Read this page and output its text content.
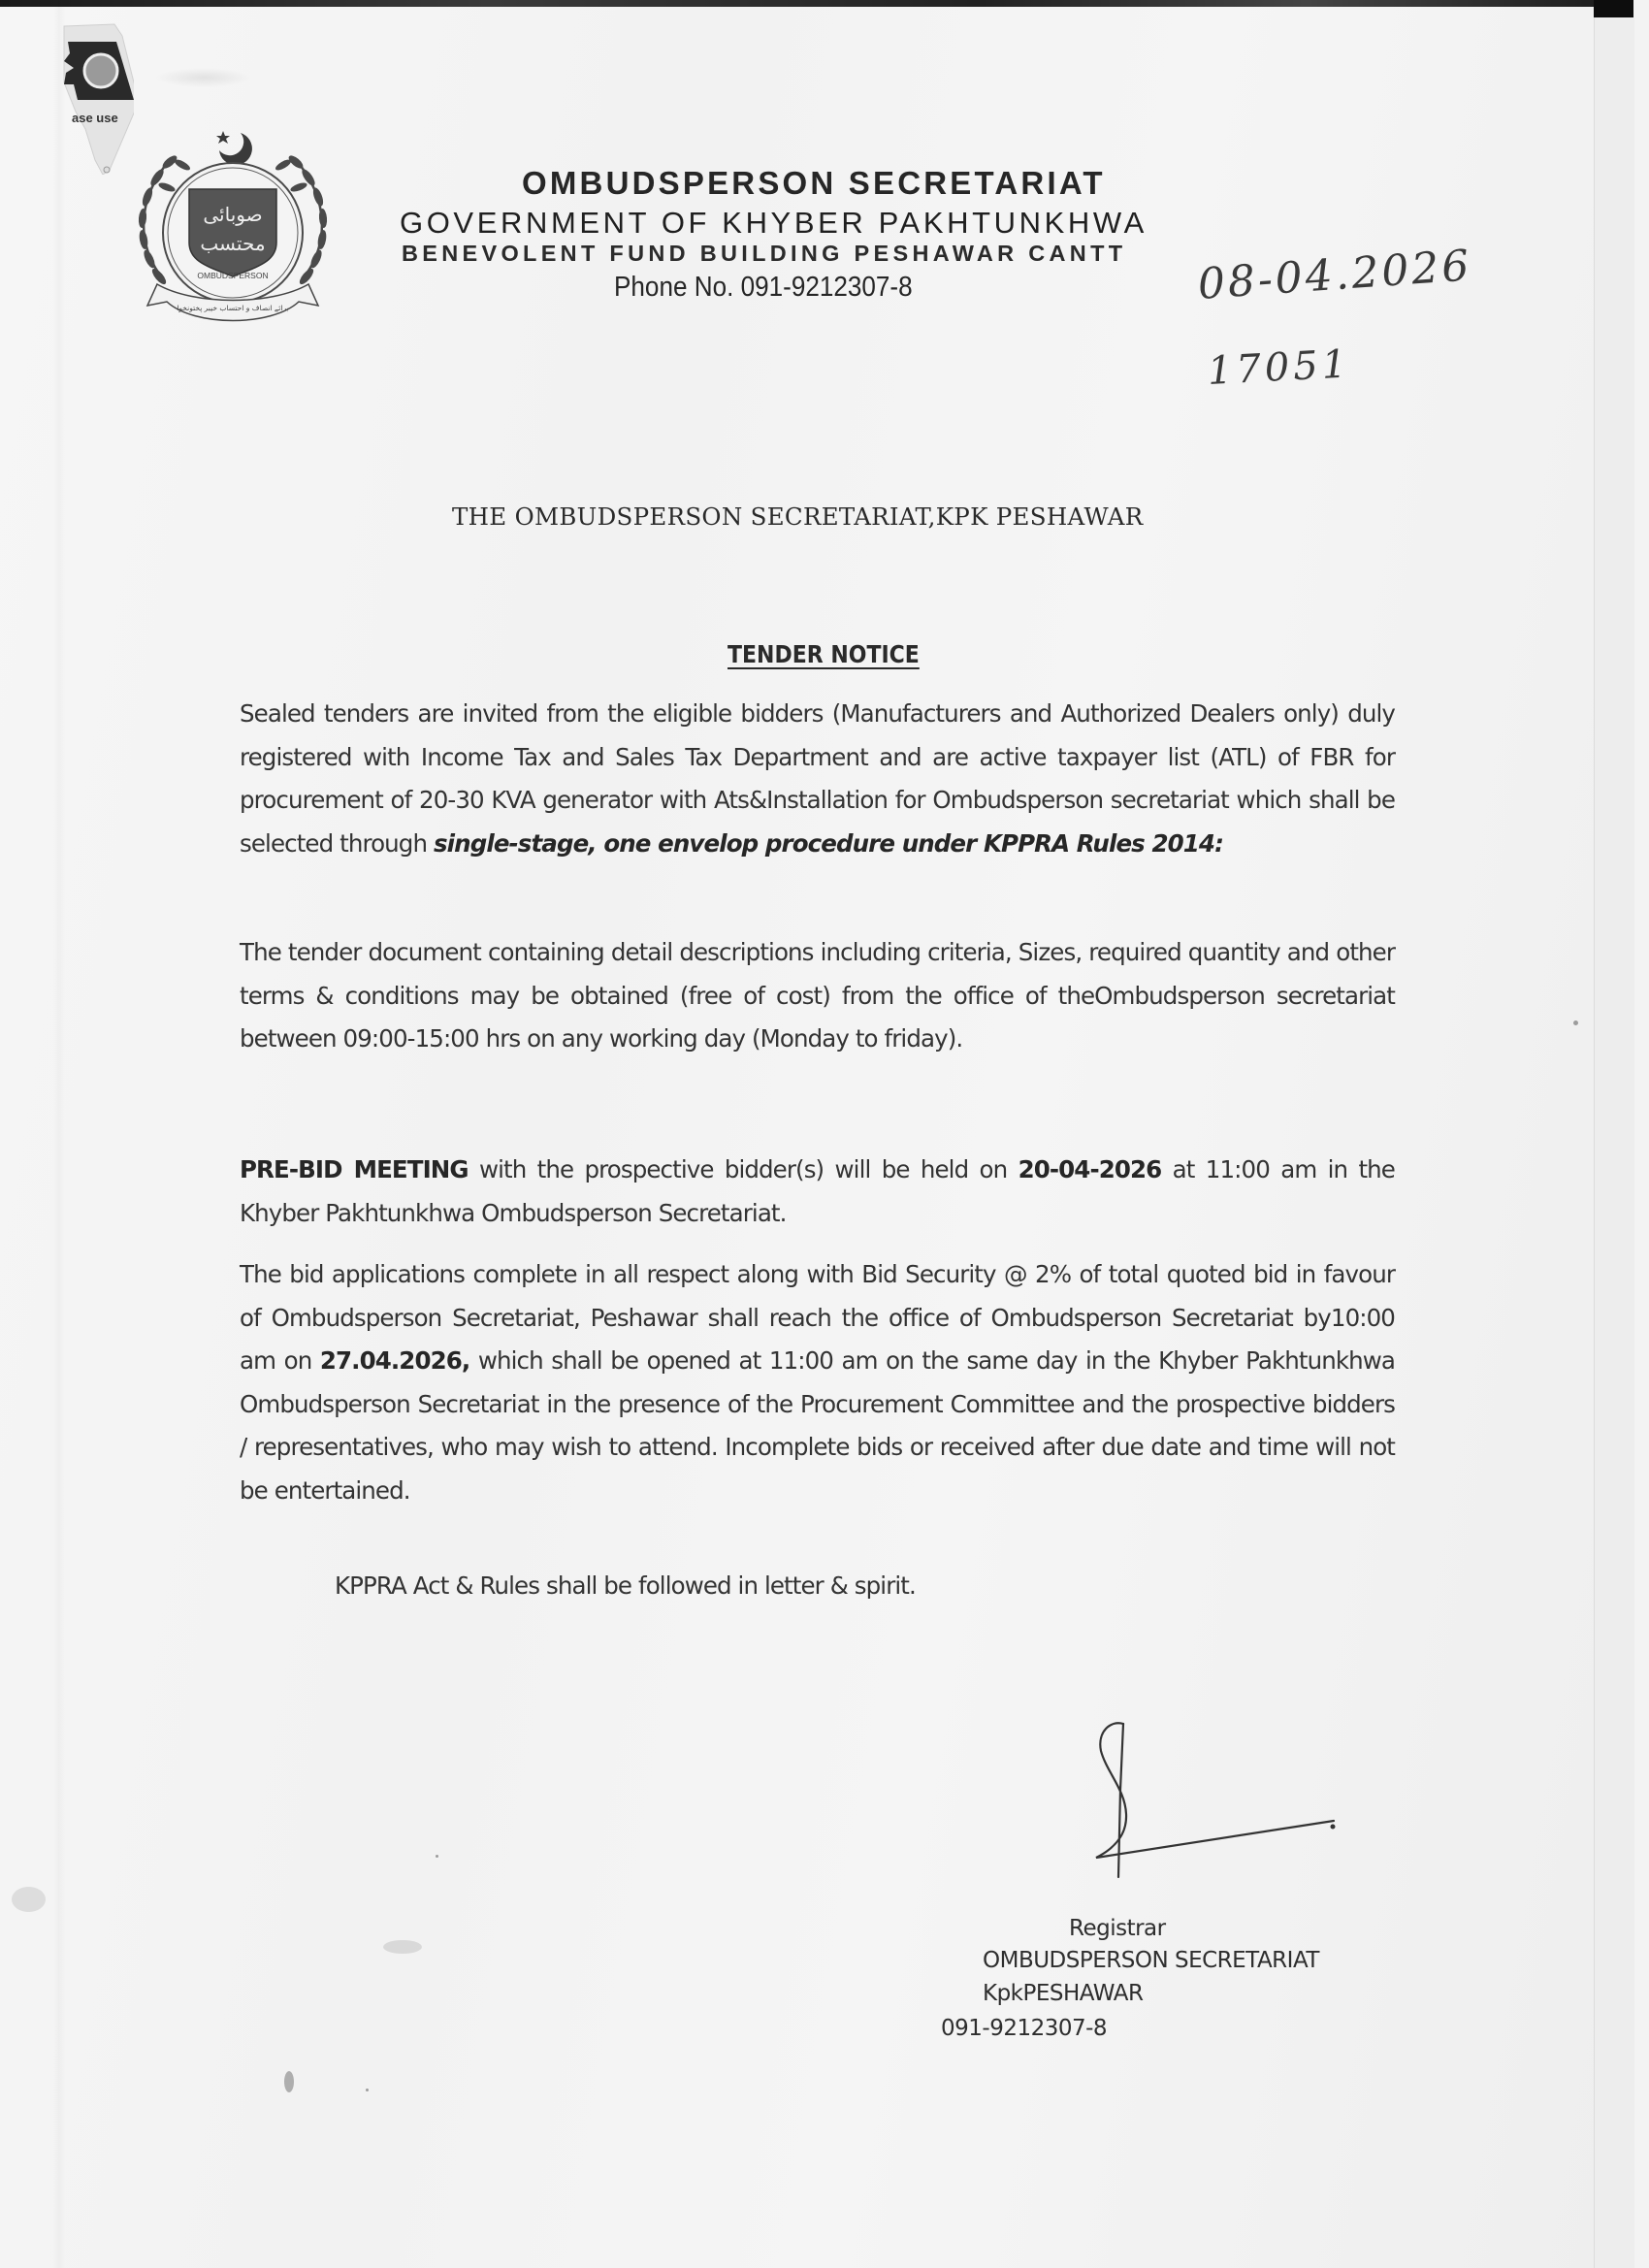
ase use
صوبائی
محتسب
OMBUDSPERSON
برائے انصاف و احتساب خیبر پختونخوا
OMBUDSPERSON SECRETARIAT
GOVERNMENT OF KHYBER PAKHTUNKHWA
BENEVOLENT FUND BUILDING PESHAWAR CANTT
Phone No. 091-9212307-8	08-04.2026
17051
THE OMBUDSPERSON SECRETARIAT,KPK PESHAWAR
TENDER NOTICE
Sealed tenders are invited from the eligible bidders (Manufacturers and Authorized Dealers only) duly registered with Income Tax and Sales Tax Department and are active taxpayer list (ATL) of FBR for procurement of 20-30 KVA generator with Ats&Installation for Ombudsperson secretariat which shall be selected through single-stage, one envelop procedure under KPPRA Rules 2014:
The tender document containing detail descriptions including criteria, Sizes, required quantity and other terms & conditions may be obtained (free of cost) from the office of theOmbudsperson secretariat between 09:00-15:00 hrs on any working day (Monday to friday).
PRE-BID MEETING with the prospective bidder(s) will be held on 20-04-2026 at 11:00 am in the Khyber Pakhtunkhwa Ombudsperson Secretariat.
The bid applications complete in all respect along with Bid Security @ 2% of total quoted bid in favour of Ombudsperson Secretariat, Peshawar shall reach the office of Ombudsperson Secretariat by10:00 am on 27.04.2026, which shall be opened at 11:00 am on the same day in the Khyber Pakhtunkhwa Ombudsperson Secretariat in the presence of the Procurement Committee and the prospective bidders / representatives, who may wish to attend. Incomplete bids or received after due date and time will not be entertained.
KPPRA Act & Rules shall be followed in letter & spirit.
Registrar
OMBUDSPERSON SECRETARIAT
KpkPESHAWAR
091-9212307-8
